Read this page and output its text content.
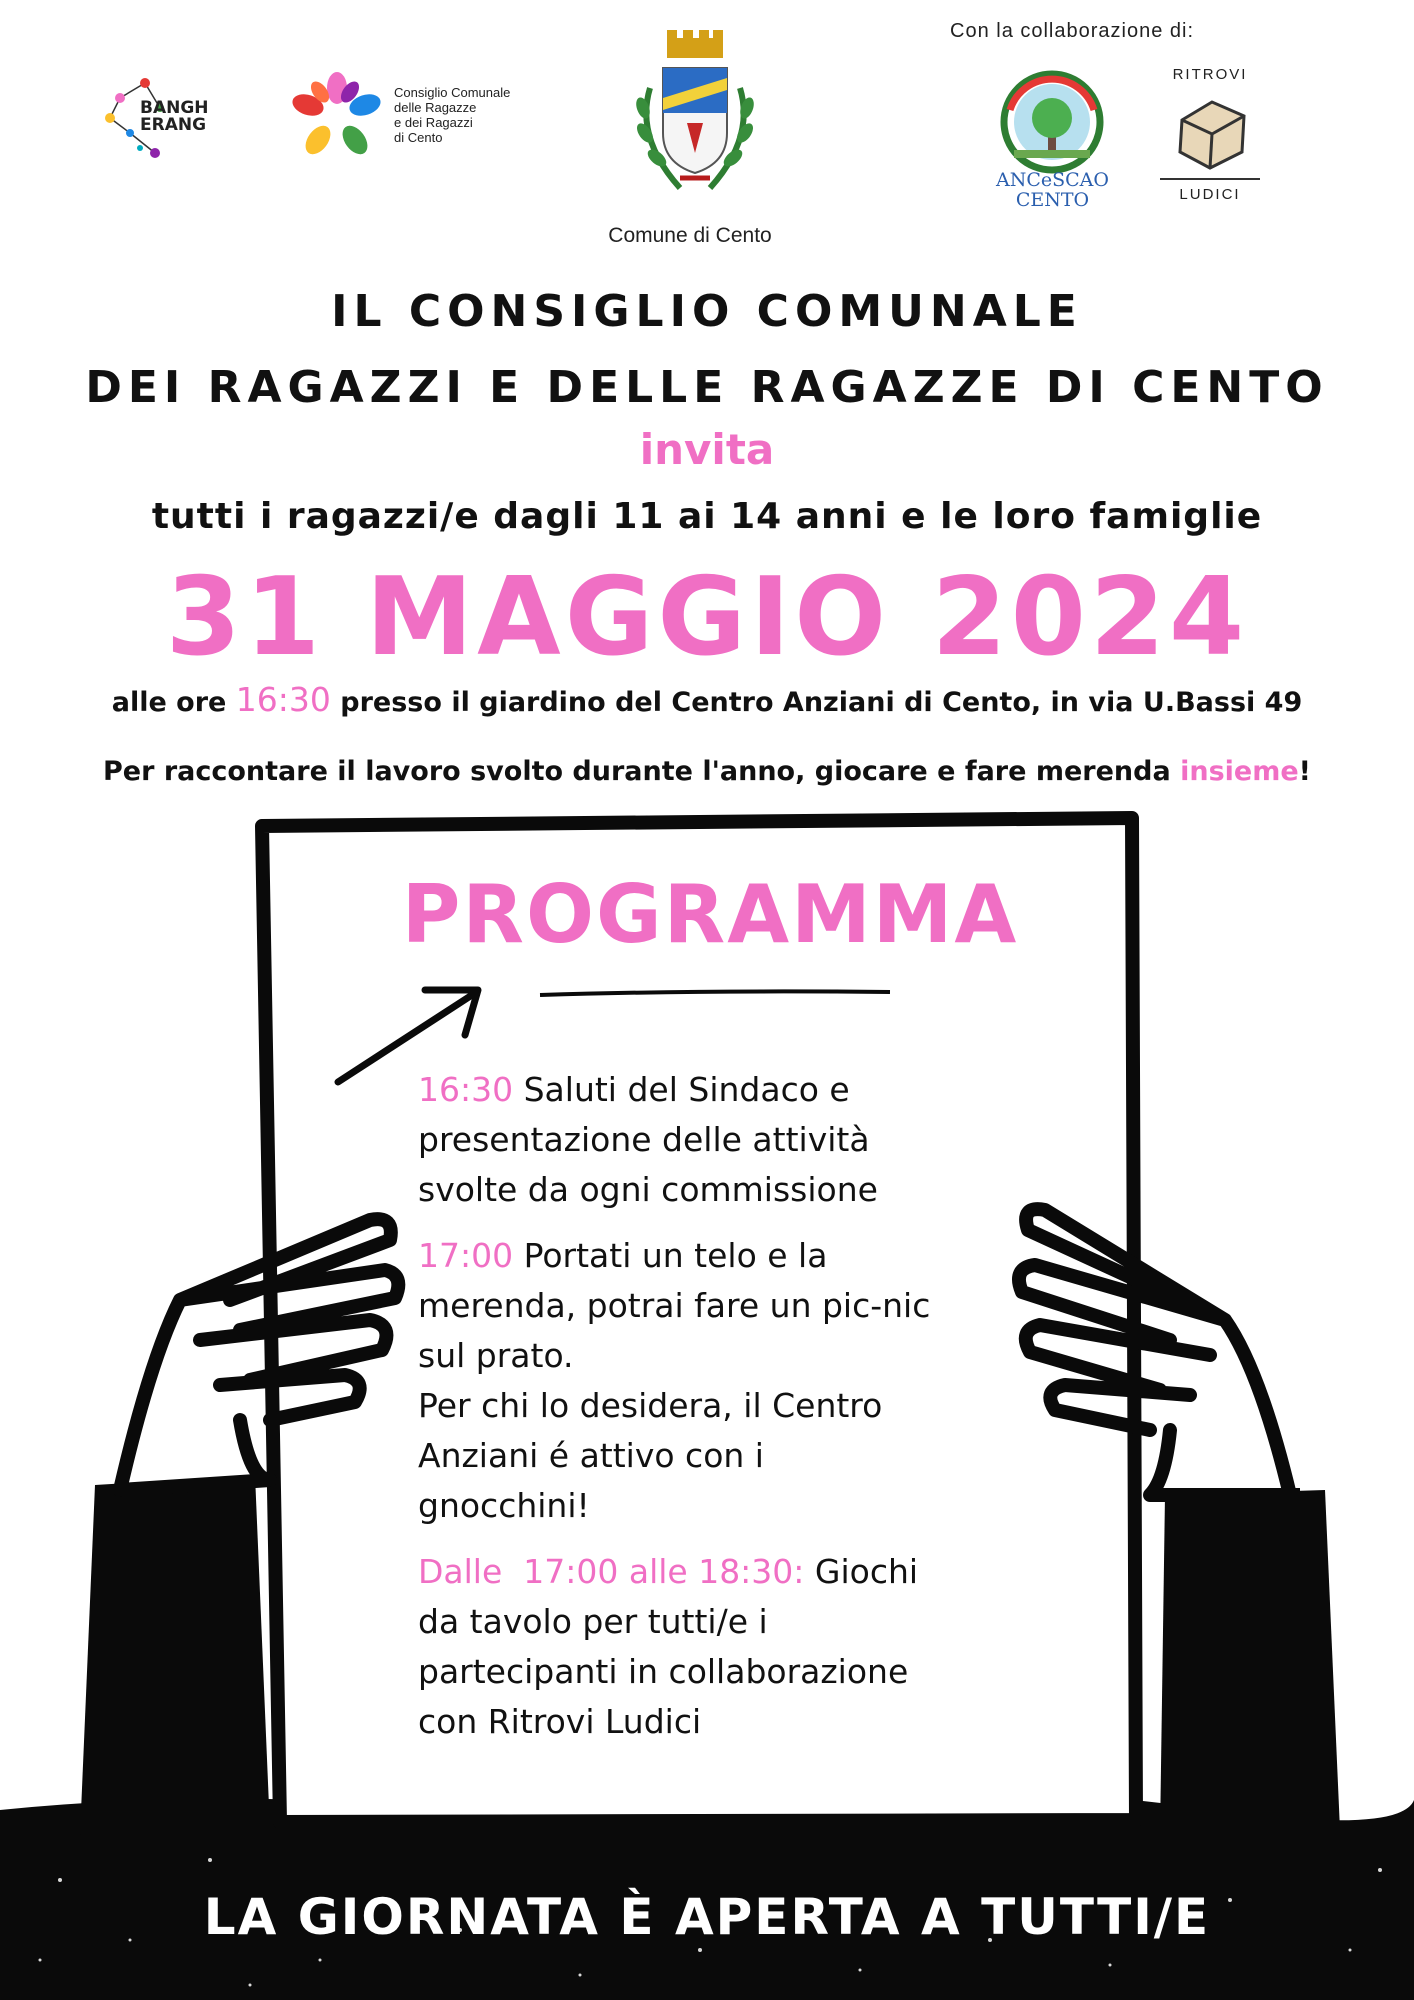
BANGH
ERANG
Consiglio Comunale
delle Ragazze
e dei Ragazzi
di Cento
Comune di Cento
Con la collaborazione di:
ANCeSCAO
CENTO
RITROVI
LUDICI
IL CONSIGLIO COMUNALE
DEI RAGAZZI E DELLE RAGAZZE DI CENTO
invita
tutti i ragazzi/e dagli 11 ai 14 anni e le loro famiglie
31 MAGGIO 2024
alle ore 16:30 presso il giardino del Centro Anziani di Cento, in via U.Bassi 49
Per raccontare il lavoro svolto durante l'anno, giocare e fare merenda insieme!
PROGRAMMA
16:30 Saluti del Sindaco e
presentazione delle attività
svolte da ogni commissione
17:00 Portati un telo e la
merenda, potrai fare un pic-nic
sul prato.
Per chi lo desidera, il Centro
Anziani é attivo con i
gnocchini!
Dalle  17:00 alle 18:30: Giochi
da tavolo per tutti/e i
partecipanti in collaborazione
con Ritrovi Ludici
LA GIORNATA È APERTA A TUTTI/E
